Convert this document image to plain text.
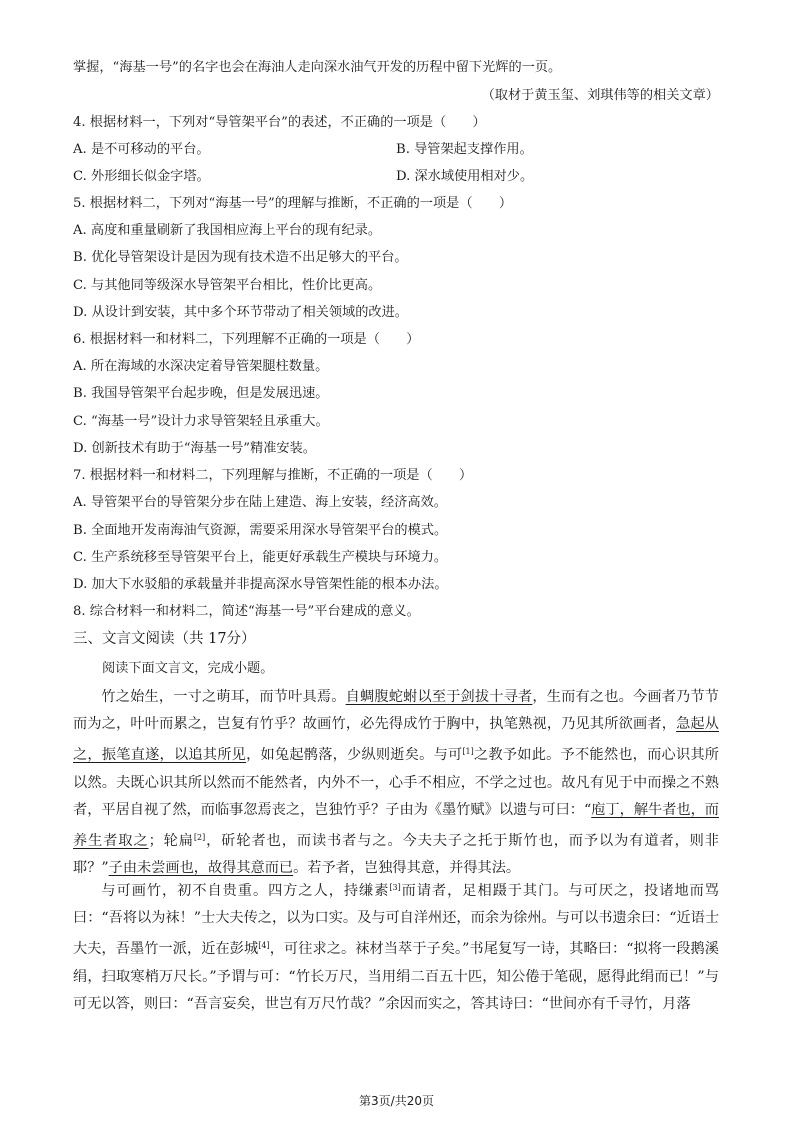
掌握，“海基一号”的名字也会在海油人走向深水油气开发的历程中留下光辉的一页。
（取材于黄玉玺、刘琪伟等的相关文章）
4. 根据材料一，下列对“导管架平台”的表述，不正确的一项是（　　）
A. 是不可移动的平台。	B. 导管架起支撑作用。
C. 外形细长似金字塔。	D. 深水域使用相对少。
5. 根据材料二，下列对“海基一号”的理解与推断，不正确的一项是（　　）
A. 高度和重量刷新了我国相应海上平台的现有纪录。
B. 优化导管架设计是因为现有技术造不出足够大的平台。
C. 与其他同等级深水导管架平台相比，性价比更高。
D. 从设计到安装，其中多个环节带动了相关领域的改进。
6. 根据材料一和材料二，下列理解不正确的一项是（　　）
A. 所在海域的水深决定着导管架腿柱数量。
B. 我国导管架平台起步晚，但是发展迅速。
C. “海基一号”设计力求导管架轻且承重大。
D. 创新技术有助于“海基一号”精准安装。
7. 根据材料一和材料二，下列理解与推断，不正确的一项是（　　）
A. 导管架平台的导管架分步在陆上建造、海上安装，经济高效。
B. 全面地开发南海油气资源，需要采用深水导管架平台的模式。
C. 生产系统移至导管架平台上，能更好承载生产模块与环境力。
D. 加大下水驳船的承载量并非提高深水导管架性能的根本办法。
8. 综合材料一和材料二，简述“海基一号”平台建成的意义。
三、文言文阅读（共 17分）
阅读下面文言文，完成小题。

竹之始生，一寸之萌耳，而节叶具焉。自蜩腹蛇蚹以至于剑拔十寻者，生而有之也。今画者乃节节而为之，叶叶而累之，岂复有竹乎？故画竹，必先得成竹于胸中，执笔熟视，乃见其所欲画者，急起从之，振笔直遂，以追其所见，如兔起鹘落，少纵则逝矣。与可[1]之教予如此。予不能然也，而心识其所以然。夫既心识其所以然而不能然者，内外不一，心手不相应，不学之过也。故凡有见于中而操之不熟者，平居自视了然，而临事忽焉丧之，岂独竹乎？子由为《墨竹赋》以遗与可曰：“庖丁，解牛者也，而养生者取之；轮扁[2]，斫轮者也，而读书者与之。今夫夫子之托于斯竹也，而予以为有道者，则非耶？”子由未尝画也，故得其意而已。若予者，岂独得其意，并得其法。

与可画竹，初不自贵重。四方之人，持缣素[3]而请者，足相蹑于其门。与可厌之，投诸地而骂曰：“吾将以为袜！”士大夫传之，以为口实。及与可自洋州还，而余为徐州。与可以书遗余曰：“近语士大夫，吾墨竹一派，近在彭城[4]，可往求之。袜材当萃于子矣。”书尾复写一诗，其略曰：“拟将一段鹅溪绢，扫取寒梢万尺长。”予谓与可：“竹长万尺，当用绢二百五十匹，知公倦于笔砚，愿得此绢而已！”与可无以答，则曰：“吾言妄矣，世岂有万尺竹哉？”余因而实之，答其诗曰：“世间亦有千寻竹，月落

第3页/共20页
